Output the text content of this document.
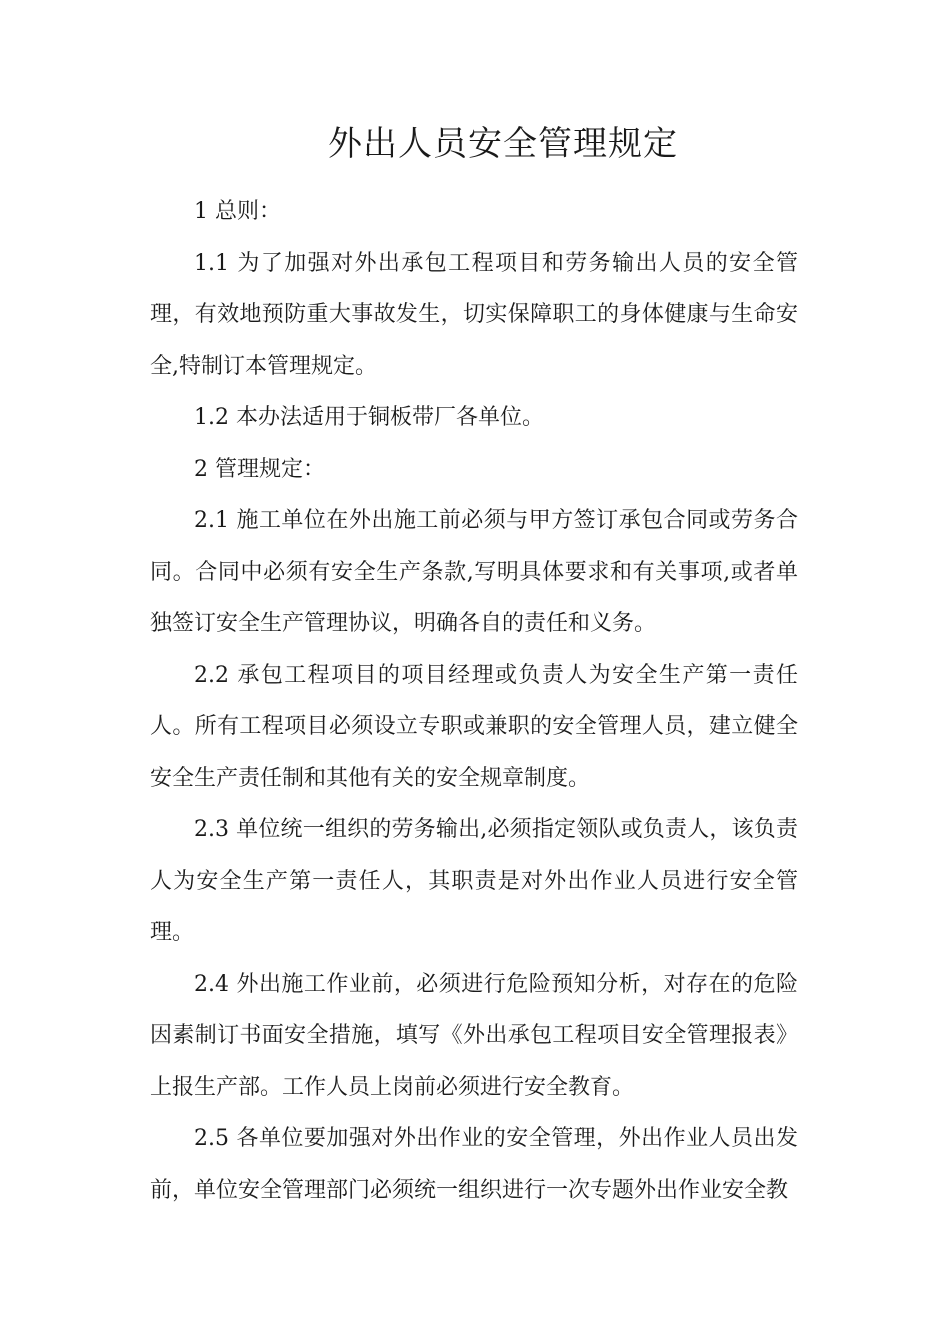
外出人员安全管理规定

1 总则：

1.1 为了加强对外出承包工程项目和劳务输出人员的安全管理，有效地预防重大事故发生，切实保障职工的身体健康与生命安全,特制订本管理规定。

1.2 本办法适用于铜板带厂各单位。

2 管理规定：

2.1 施工单位在外出施工前必须与甲方签订承包合同或劳务合同。合同中必须有安全生产条款,写明具体要求和有关事项,或者单独签订安全生产管理协议，明确各自的责任和义务。

2.2 承包工程项目的项目经理或负责人为安全生产第一责任人。所有工程项目必须设立专职或兼职的安全管理人员，建立健全安全生产责任制和其他有关的安全规章制度。

2.3 单位统一组织的劳务输出,必须指定领队或负责人，该负责人为安全生产第一责任人，其职责是对外出作业人员进行安全管理。

2.4 外出施工作业前，必须进行危险预知分析，对存在的危险因素制订书面安全措施，填写《外出承包工程项目安全管理报表》上报生产部。工作人员上岗前必须进行安全教育。

2.5 各单位要加强对外出作业的安全管理，外出作业人员出发前，单位安全管理部门必须统一组织进行一次专题外出作业安全教
